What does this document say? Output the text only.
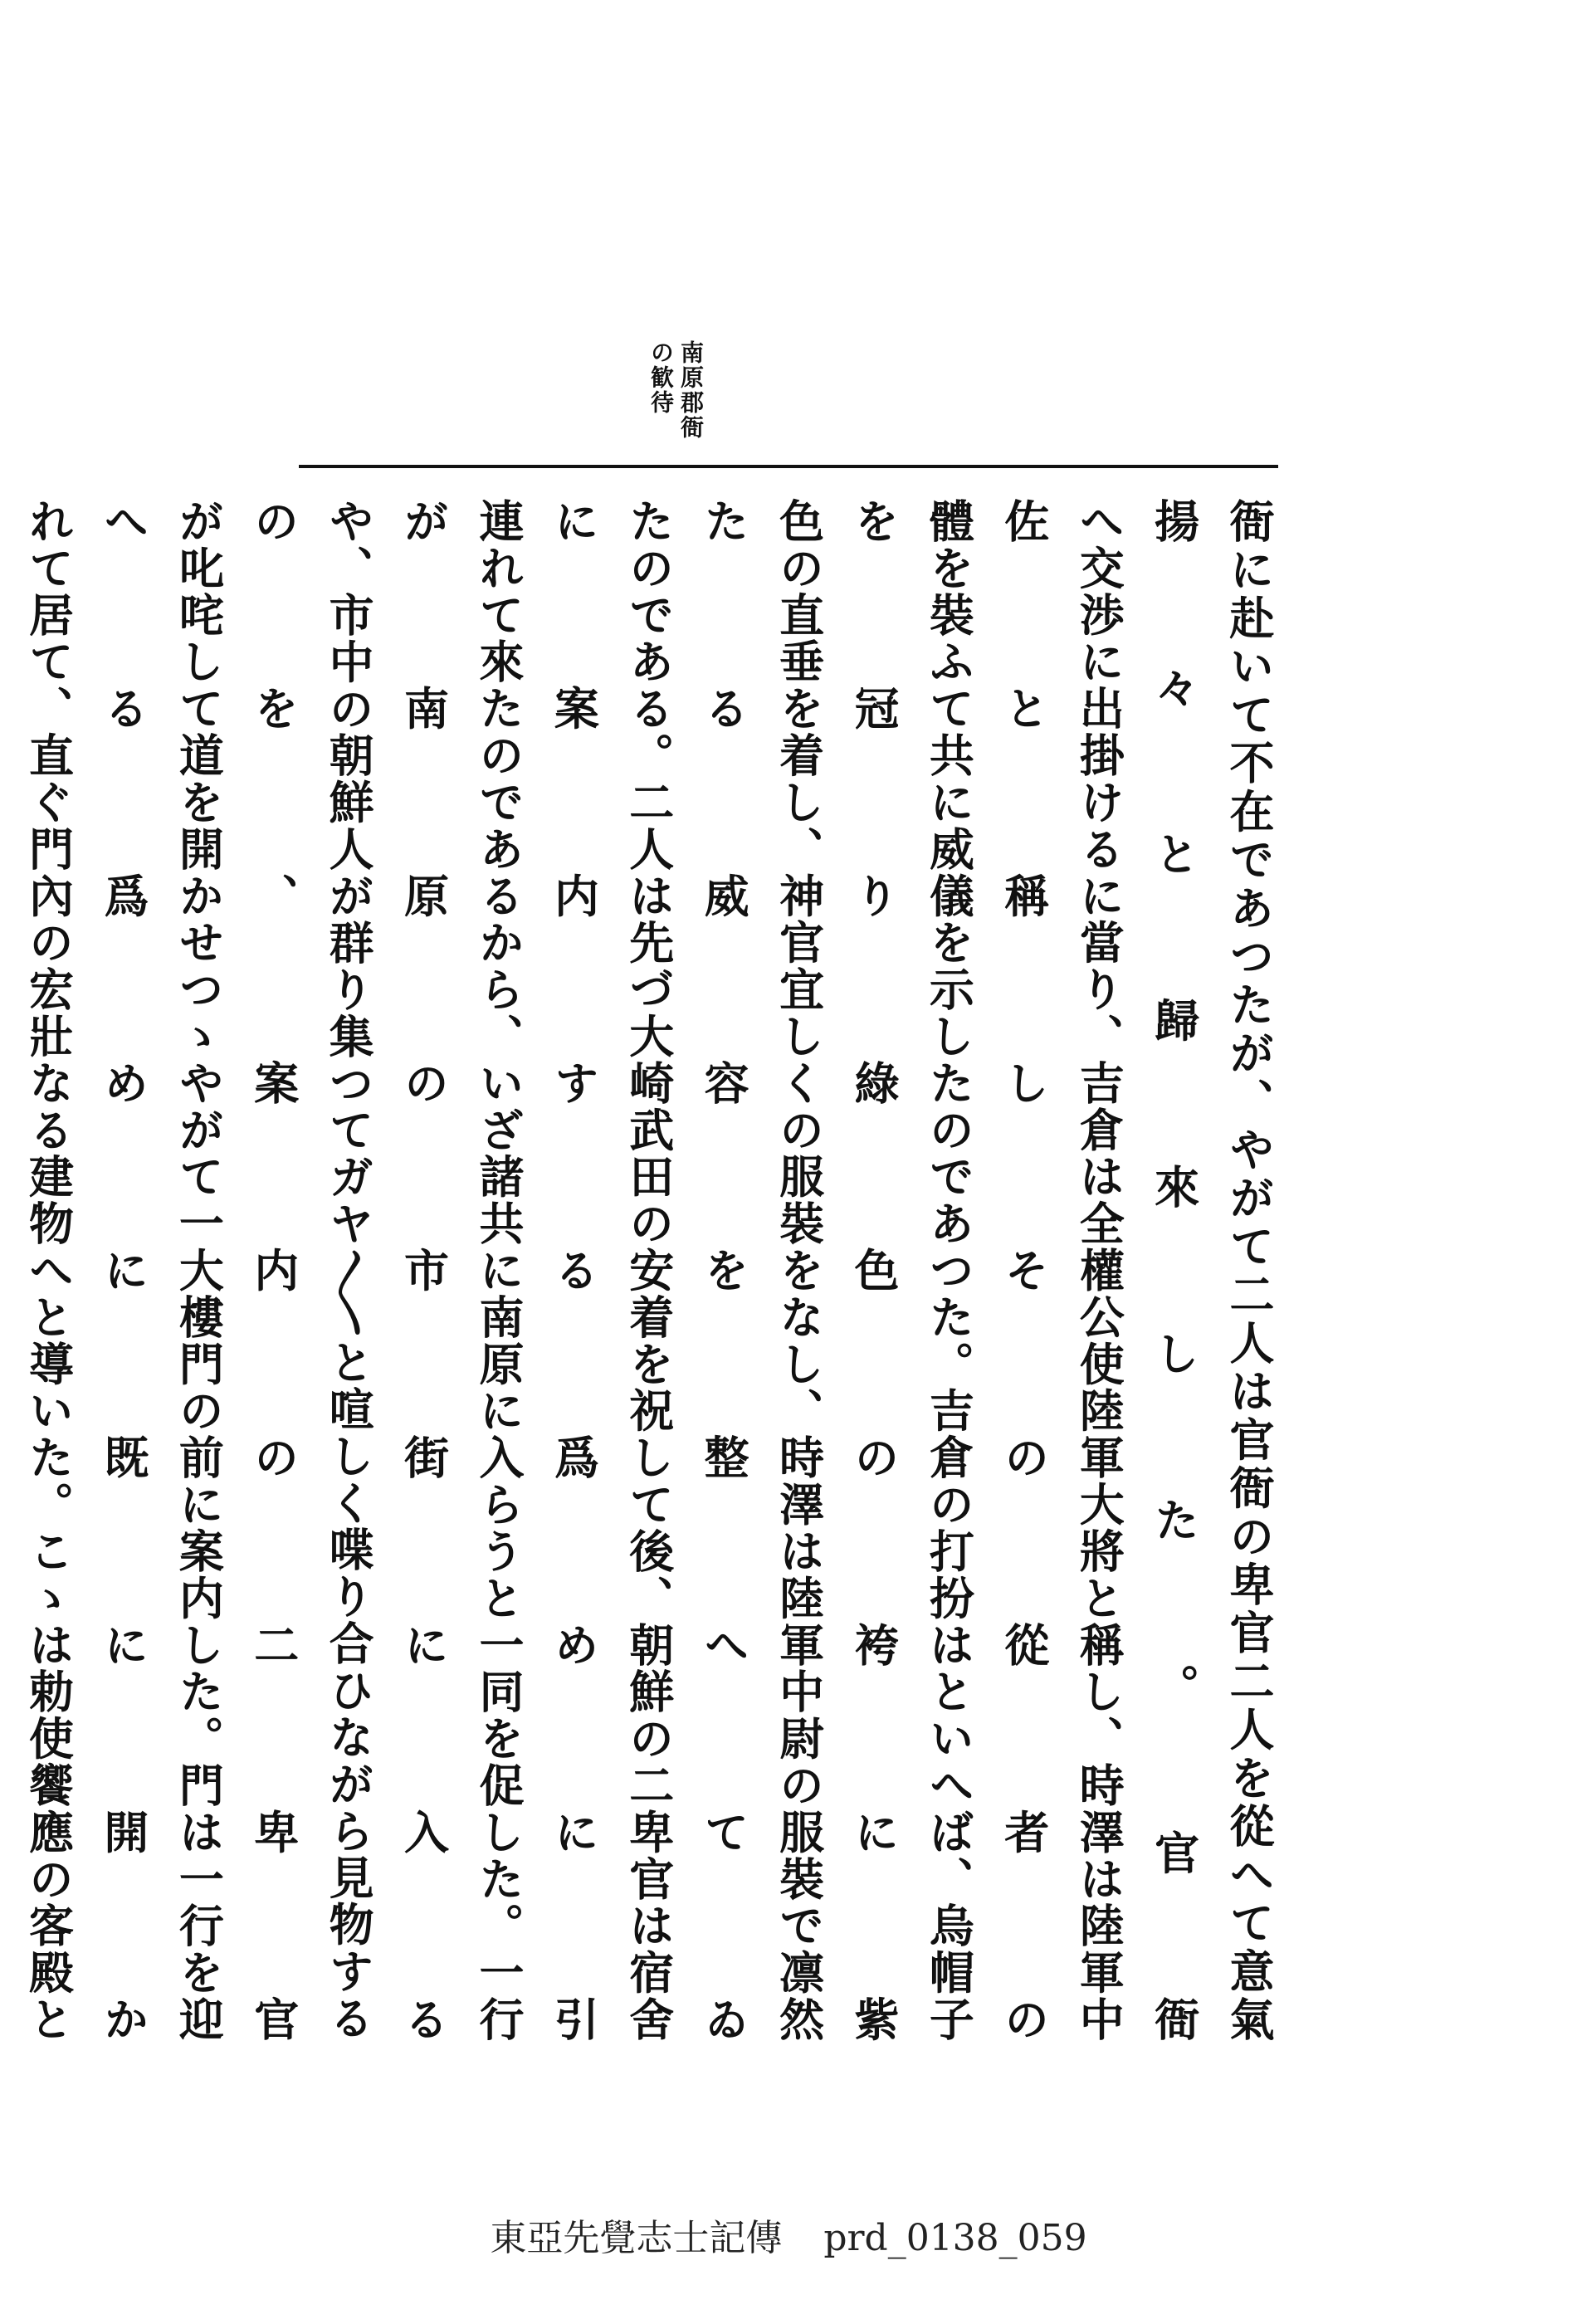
南原郡衙
の歓待
衙に赴いて不在であつたが、やがて二人は官衙の卑官二人を從へて意氣揚々と歸來した。官衙
へ交渉に出掛けるに當り、吉倉は全權公使陸軍大將と稱し、時澤は陸軍中佐と稱しその從者の
體を裝ふて共に威儀を示したのであつた。吉倉の打扮はといへば、烏帽子を冠り綠色の袴に紫
色の直垂を着し、神官宜しくの服裝をなし、時澤は陸軍中尉の服裝で凛然たる威容を整へてゐ
たのである。二人は先づ大崎武田の安着を祝して後、朝鮮の二卑官は宿舍に案内する爲めに引
連れて來たのであるから、いざ諸共に南原に入らうと一同を促した。一行が南原の市街に入る
や、市中の朝鮮人が群り集つてガヤ〳〵と喧しく喋り合ひながら見物するのを、案内の二卑官
が叱咤して道を開かせつゝやがて一大樓門の前に案内した。門は一行を迎へる爲めに既に開か
れて居て、直ぐ門內の宏壯なる建物へと導いた。こゝは勅使饗應の客殿と
東亞先覺志士記傳 prd_0138_059
